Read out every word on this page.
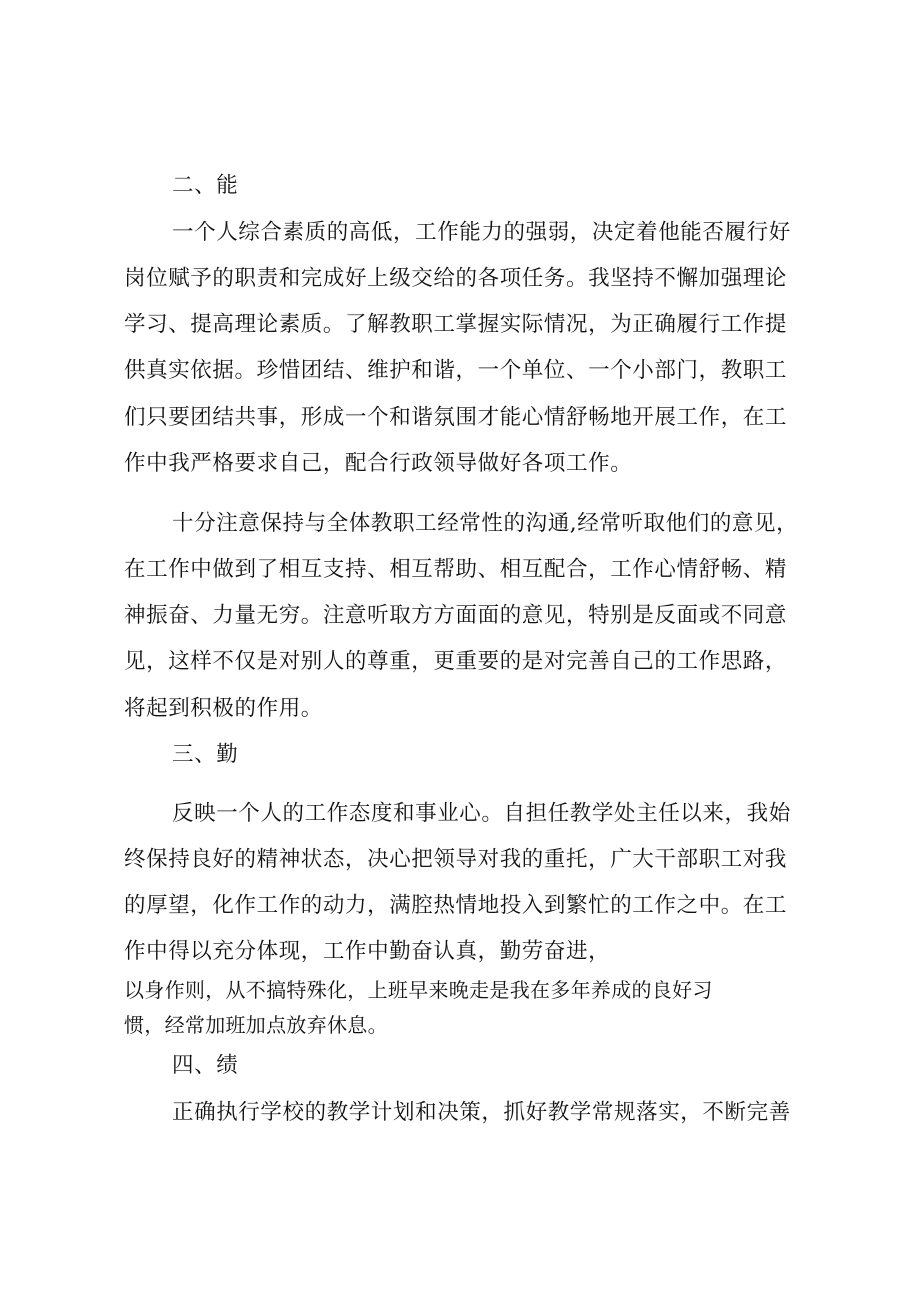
二、能
一个人综合素质的高低，工作能力的强弱，决定着他能否履行好
岗位赋予的职责和完成好上级交给的各项任务。我坚持不懈加强理论
学习、提高理论素质。了解教职工掌握实际情况，为正确履行工作提
供真实依据。珍惜团结、维护和谐，一个单位、一个小部门，教职工
们只要团结共事，形成一个和谐氛围才能心情舒畅地开展工作，在工
作中我严格要求自己，配合行政领导做好各项工作。
十分注意保持与全体教职工经常性的沟通,经常听取他们的意见，
在工作中做到了相互支持、相互帮助、相互配合，工作心情舒畅、精
神振奋、力量无穷。注意听取方方面面的意见，特别是反面或不同意
见，这样不仅是对别人的尊重，更重要的是对完善自己的工作思路，
将起到积极的作用。
三、勤
反映一个人的工作态度和事业心。自担任教学处主任以来，我始
终保持良好的精神状态，决心把领导对我的重托，广大干部职工对我
的厚望，化作工作的动力，满腔热情地投入到繁忙的工作之中。在工
作中得以充分体现，工作中勤奋认真，勤劳奋进，
以身作则，从不搞特殊化，上班早来晚走是我在多年养成的良好习
惯，经常加班加点放弃休息。
四、绩
正确执行学校的教学计划和决策，抓好教学常规落实，不断完善
